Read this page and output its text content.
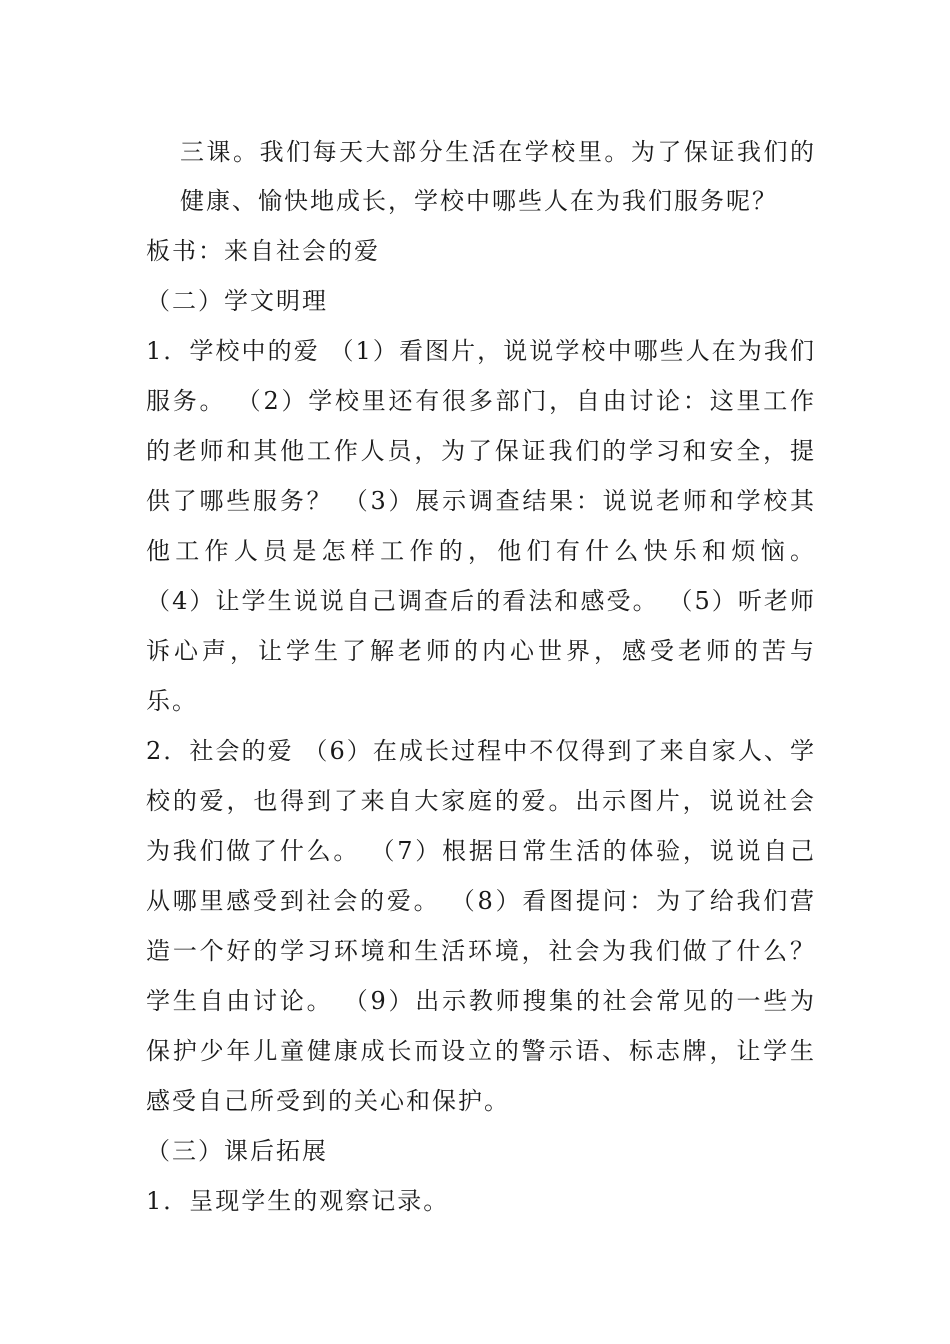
三课。我们每天大部分生活在学校里。为了保证我们的
健康、愉快地成长，学校中哪些人在为我们服务呢？
板书：来自社会的爱
（二）学文明理
1．学校中的爱 （1）看图片，说说学校中哪些人在为我们
服务。 （2）学校里还有很多部门，自由讨论：这里工作
的老师和其他工作人员，为了保证我们的学习和安全，提
供了哪些服务？ （3）展示调查结果：说说老师和学校其
他工作人员是怎样工作的，他们有什么快乐和烦恼。
（4）让学生说说自己调查后的看法和感受。 （5）听老师
诉心声，让学生了解老师的内心世界，感受老师的苦与
乐。
2．社会的爱 （6）在成长过程中不仅得到了来自家人、学
校的爱，也得到了来自大家庭的爱。出示图片，说说社会
为我们做了什么。 （7）根据日常生活的体验，说说自己
从哪里感受到社会的爱。 （8）看图提问：为了给我们营
造一个好的学习环境和生活环境，社会为我们做了什么？
学生自由讨论。 （9）出示教师搜集的社会常见的一些为
保护少年儿童健康成长而设立的警示语、标志牌，让学生
感受自己所受到的关心和保护。
（三）课后拓展
1．呈现学生的观察记录。
